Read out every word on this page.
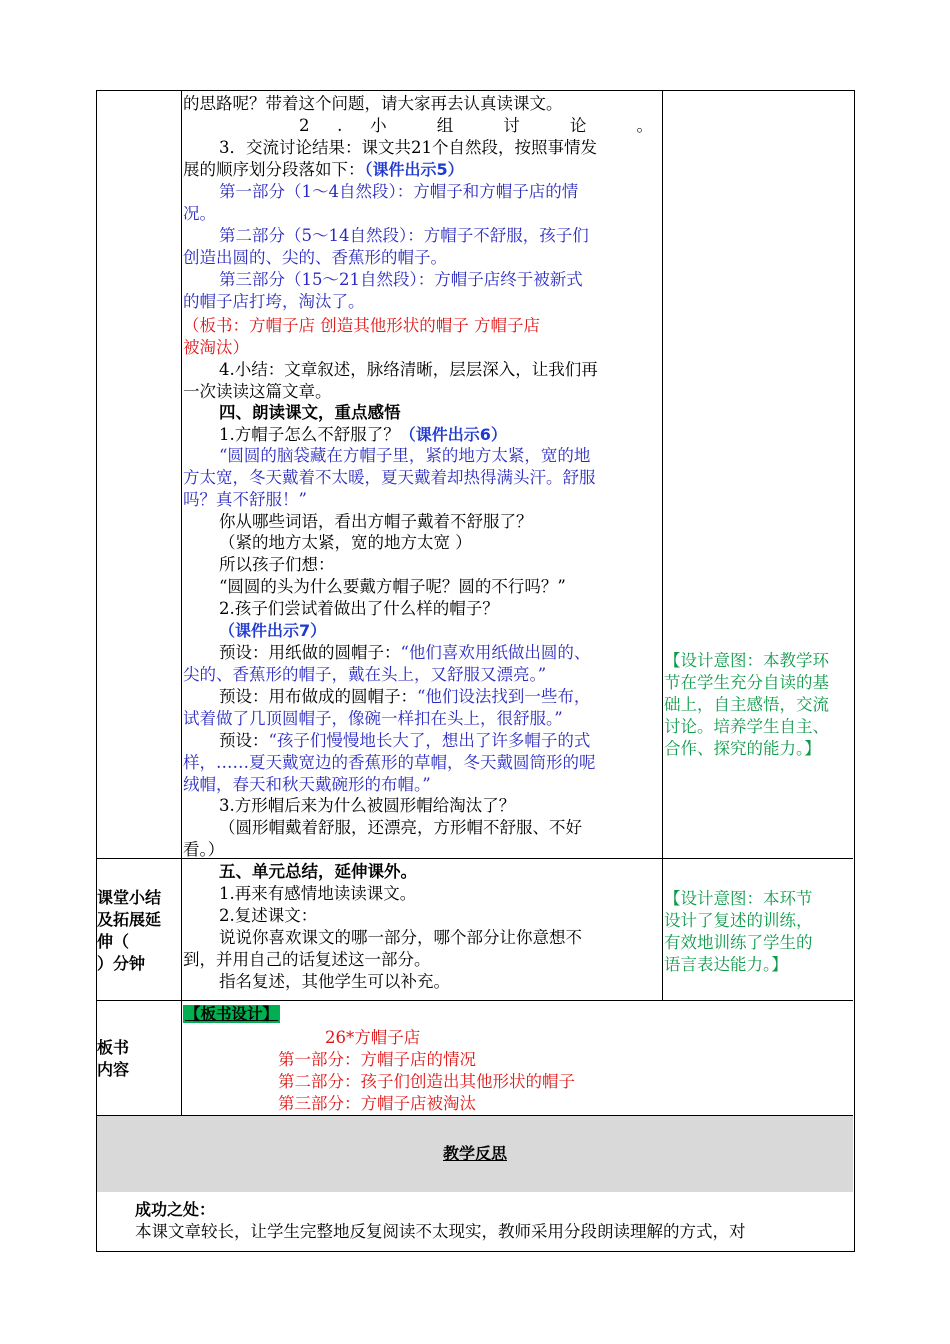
的思路呢？带着这个问题，请大家再去认真读课文。
2 . 小 组 讨 论 。
3．交流讨论结果：课文共21个自然段，按照事情发
展的顺序划分段落如下：（课件出示5）
第一部分（1～4自然段）：方帽子和方帽子店的情
况。
第二部分（5～14自然段）：方帽子不舒服，孩子们
创造出圆的、尖的、香蕉形的帽子。
第三部分（15～21自然段）：方帽子店终于被新式
的帽子店打垮，淘汰了。
（板书：方帽子店 创造其他形状的帽子 方帽子店
被淘汰）
4.小结：文章叙述，脉络清晰，层层深入，让我们再
一次读读这篇文章。
四、朗读课文，重点感悟
1.方帽子怎么不舒服了？（课件出示6）
“圆圆的脑袋藏在方帽子里，紧的地方太紧，宽的地
方太宽，冬天戴着不太暖，夏天戴着却热得满头汗。舒服
吗？真不舒服！”
你从哪些词语，看出方帽子戴着不舒服了？
（紧的地方太紧，宽的地方太宽 ）
所以孩子们想：
“圆圆的头为什么要戴方帽子呢？圆的不行吗？”
2.孩子们尝试着做出了什么样的帽子？
（课件出示7）
预设：用纸做的圆帽子：“他们喜欢用纸做出圆的、
尖的、香蕉形的帽子，戴在头上，又舒服又漂亮。”
预设：用布做成的圆帽子：“他们设法找到一些布，
试着做了几顶圆帽子，像碗一样扣在头上，很舒服。”
预设：“孩子们慢慢地长大了，想出了许多帽子的式
样，……夏天戴宽边的香蕉形的草帽，冬天戴圆筒形的呢
绒帽，春天和秋天戴碗形的布帽。”
3.方形帽后来为什么被圆形帽给淘汰了？
（圆形帽戴着舒服，还漂亮，方形帽不舒服、不好
看。）
【设计意图：本教学环
节在学生充分自读的基
础上，自主感悟，交流
讨论。培养学生自主、
合作、探究的能力。】
课堂小结
及拓展延
伸（
）分钟
五、单元总结，延伸课外。
1.再来有感情地读读课文。
2.复述课文：
说说你喜欢课文的哪一部分，哪个部分让你意想不
到，并用自己的话复述这一部分。
指名复述，其他学生可以补充。
【设计意图：本环节
设计了复述的训练，
有效地训练了学生的
语言表达能力。】
板书
内容
【板书设计】
26*方帽子店
第一部分：方帽子店的情况
第二部分：孩子们创造出其他形状的帽子
第三部分：方帽子店被淘汰
教学反思
成功之处：
本课文章较长，让学生完整地反复阅读不太现实，教师采用分段朗读理解的方式，对
